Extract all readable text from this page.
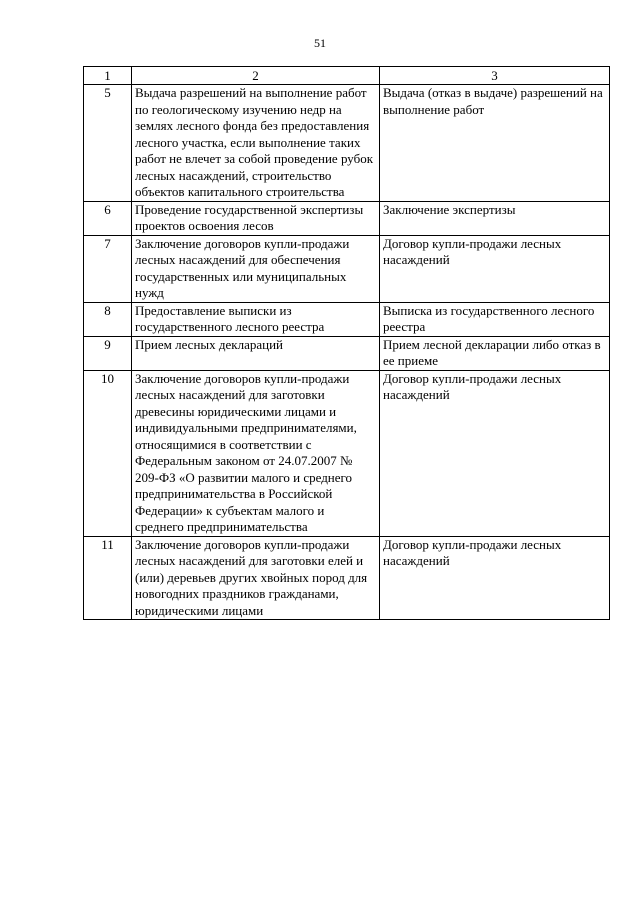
51
1	2	3
5	Выдача разрешений на выполнение работ по геологическому изучению недр на землях лесного фонда без предоставления лесного участка, если выполнение таких работ не влечет за собой проведение рубок лесных насаждений, строительство объектов капитального строительства	Выдача (отказ в выдаче) разрешений на выполнение работ
6	Проведение государственной экспертизы проектов освоения лесов	Заключение экспертизы
7	Заключение договоров купли-продажи лесных насаждений для обеспечения государственных или муниципальных нужд	Договор купли-продажи лесных насаждений
8	Предоставление выписки из государственного лесного реестра	Выписка из государственного лесного реестра
9	Прием лесных деклараций	Прием лесной декларации либо отказ в ее приеме
10	Заключение договоров купли-продажи лесных насаждений для заготовки древесины юридическими лицами и индивидуальными предпринимателями, относящимися в соответствии с Федеральным законом от 24.07.2007 № 209-ФЗ «О развитии малого и среднего предпринимательства в Российской Федерации» к субъектам малого и среднего предпринимательства	Договор купли-продажи лесных насаждений
11	Заключение договоров купли-продажи лесных насаждений для заготовки елей и (или) деревьев других хвойных пород для новогодних праздников гражданами, юридическими лицами	Договор купли-продажи лесных насаждений
